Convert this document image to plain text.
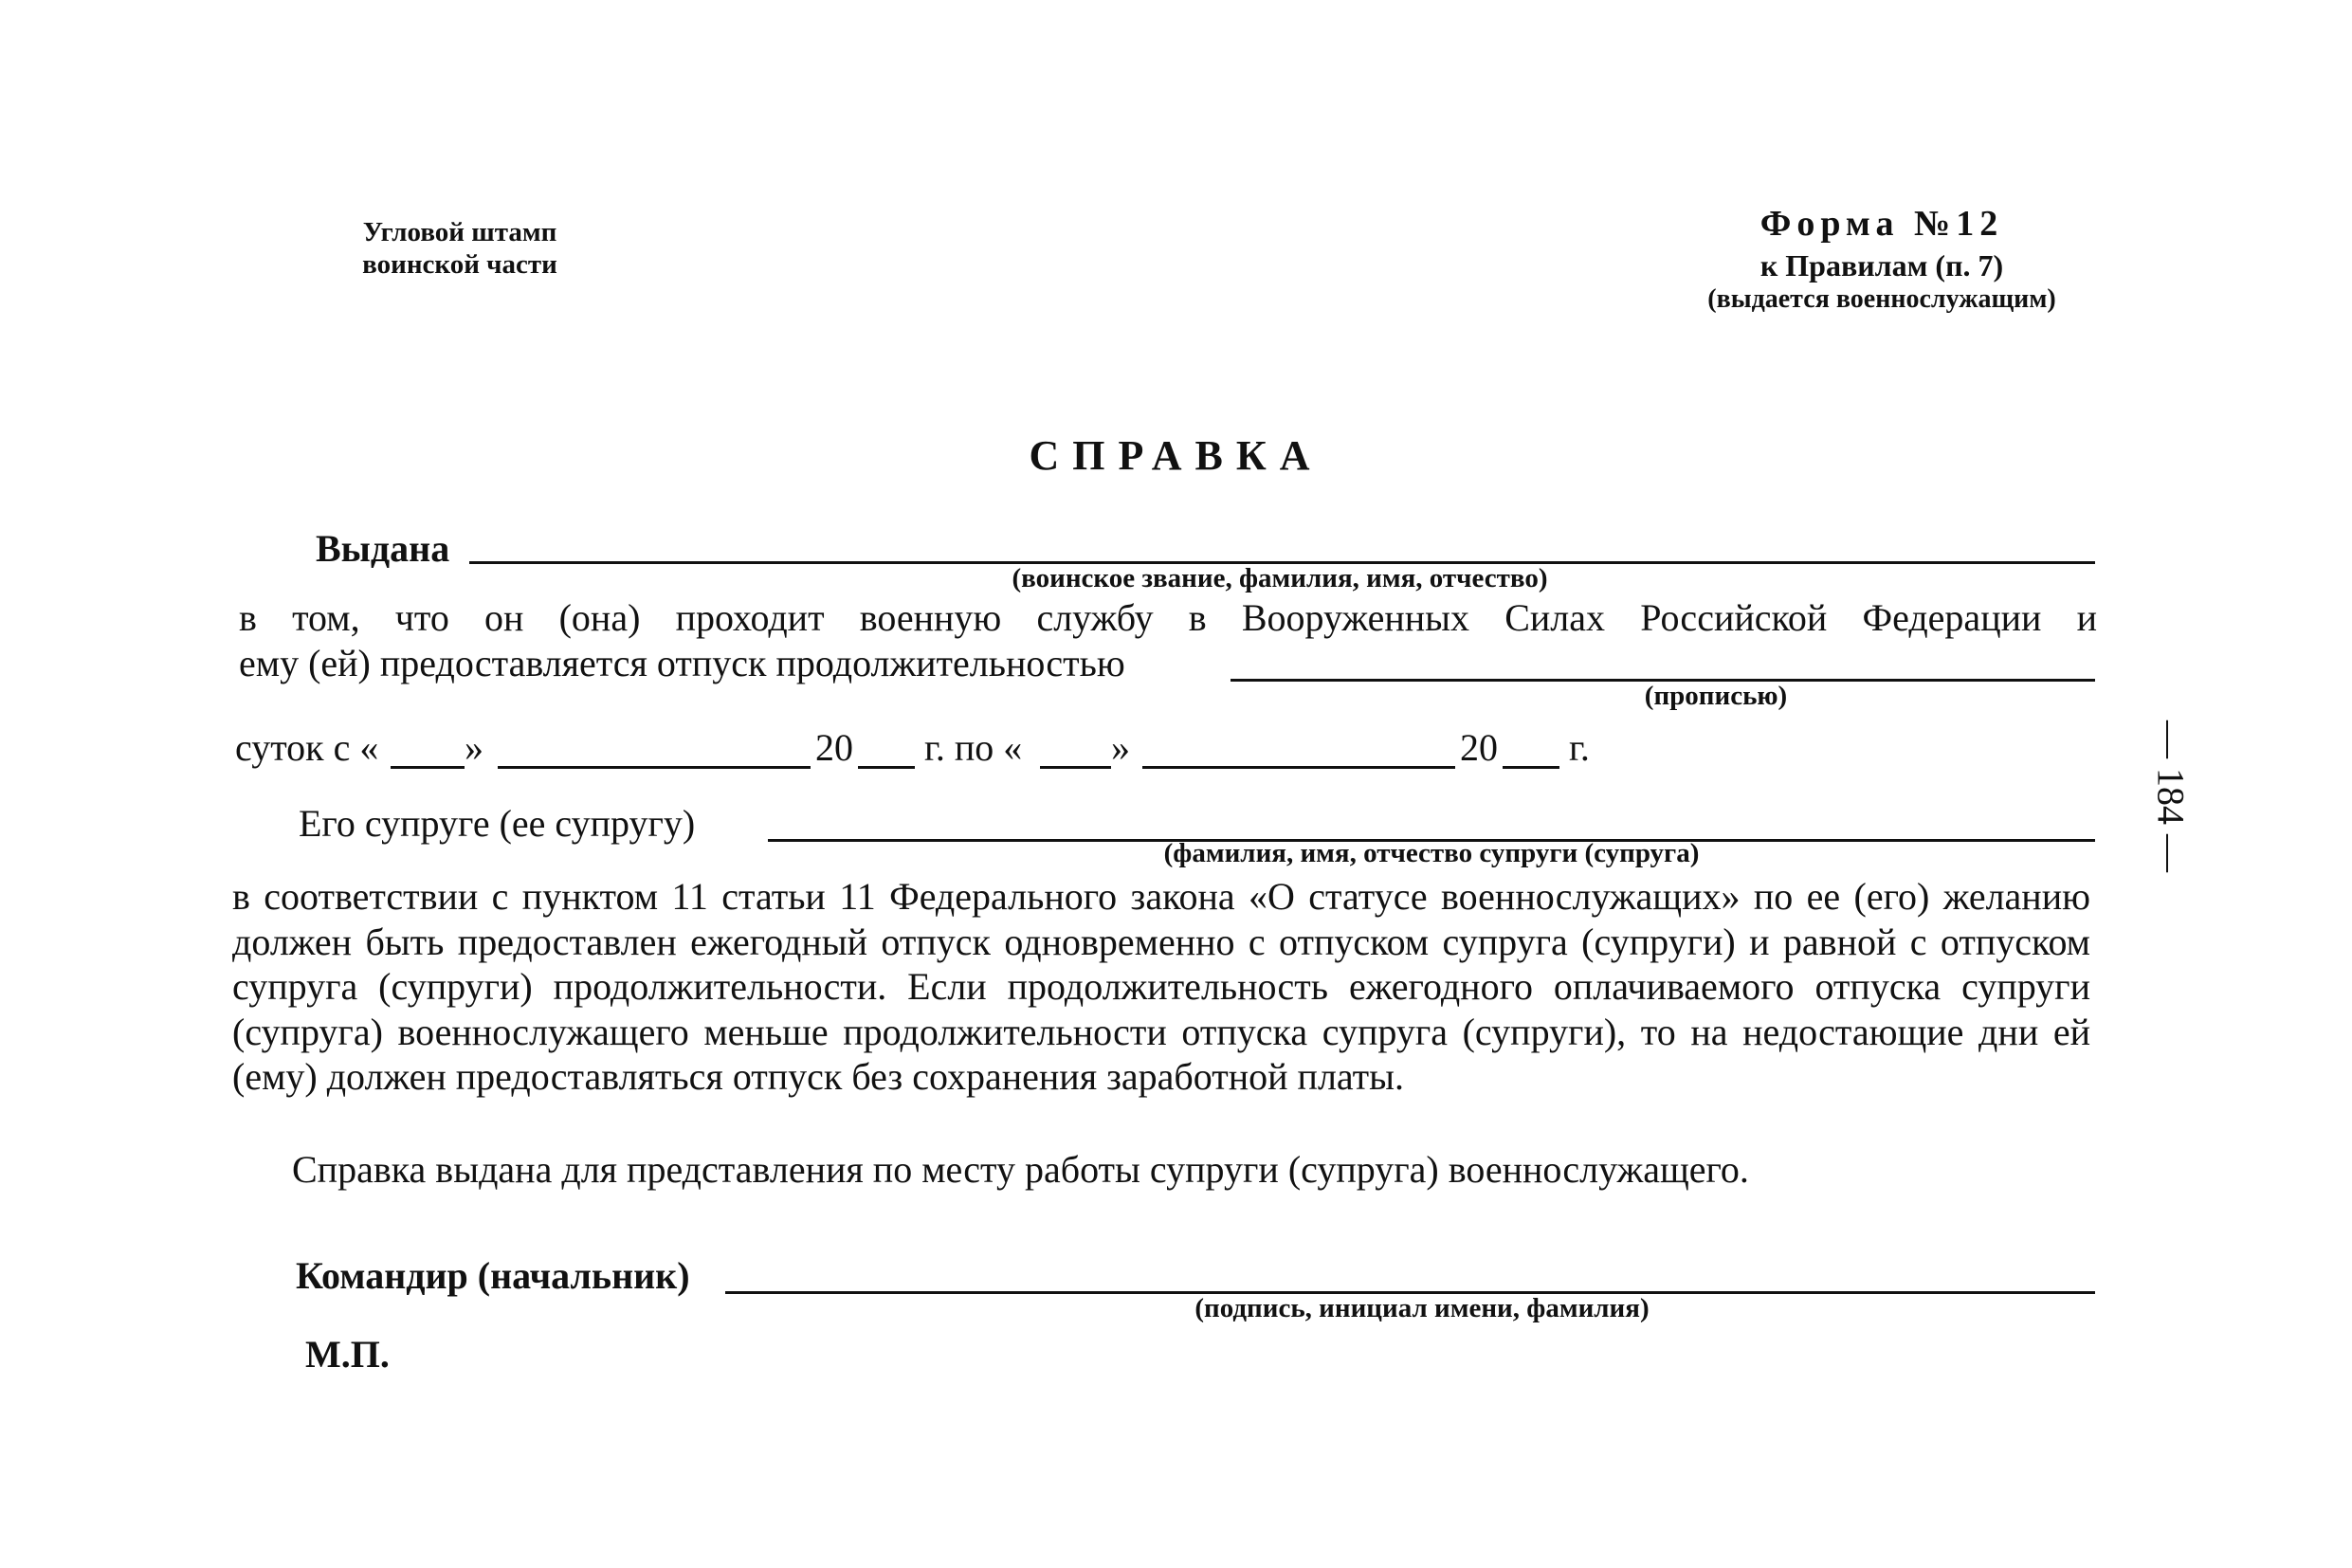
Угловой штамп
воинской части
Форма №12
к Правилам (п. 7)
(выдается военнослужащим)
СПРАВКА
Выдана
(воинское звание, фамилия, имя, отчество)
в том, что он (она) проходит военную службу в Вооруженных Силах Российской Федерации и
ему (ей) предоставляется отпуск продолжительностью
(прописью)
суток с « »	20 г. по « »	20 г.
Его супруге (ее супругу)
(фамилия, имя, отчество супруги (супруга)
в соответствии с пунктом 11 статьи 11 Федерального закона «О статусе военнослужащих» по ее (его) желанию должен быть предоставлен ежегодный отпуск одновременно с отпуском супруга (супруги) и равной с отпуском супруга (супруги) продолжительности. Если продолжительность ежегодного оплачиваемого отпуска супруги (супруга) военнослужащего меньше продолжительности отпуска супруга (супруги), то на недостающие дни ей (ему) должен предоставляться отпуск без сохранения заработной платы.
Справка выдана для представления по месту работы супруги (супруга) военнослужащего.
Командир (начальник)
(подпись, инициал имени, фамилия)
М.П.
— 184 —
